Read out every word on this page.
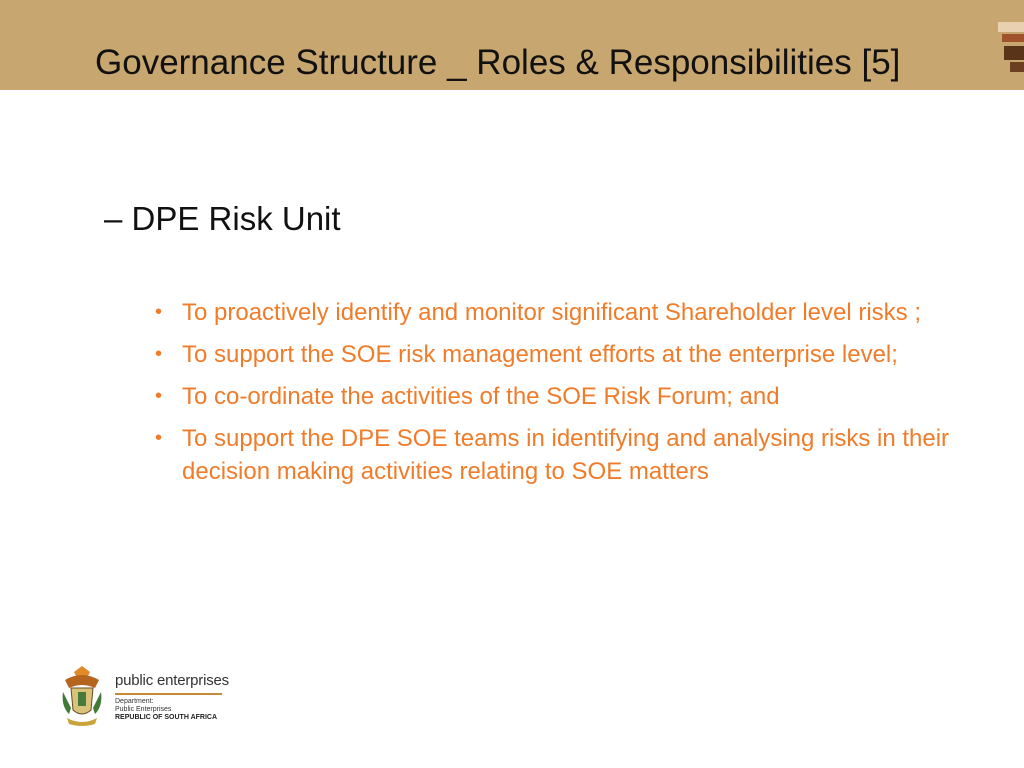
Governance Structure _ Roles & Responsibilities [5]
– DPE Risk Unit
• To proactively identify and monitor significant Shareholder level risks ;
• To support the SOE risk management efforts at the enterprise level;
• To co-ordinate the activities of the SOE Risk Forum; and
• To support the DPE SOE teams in identifying and analysing risks in their decision making activities relating to SOE matters
public enterprises
Department:
Public Enterprises
REPUBLIC OF SOUTH AFRICA
